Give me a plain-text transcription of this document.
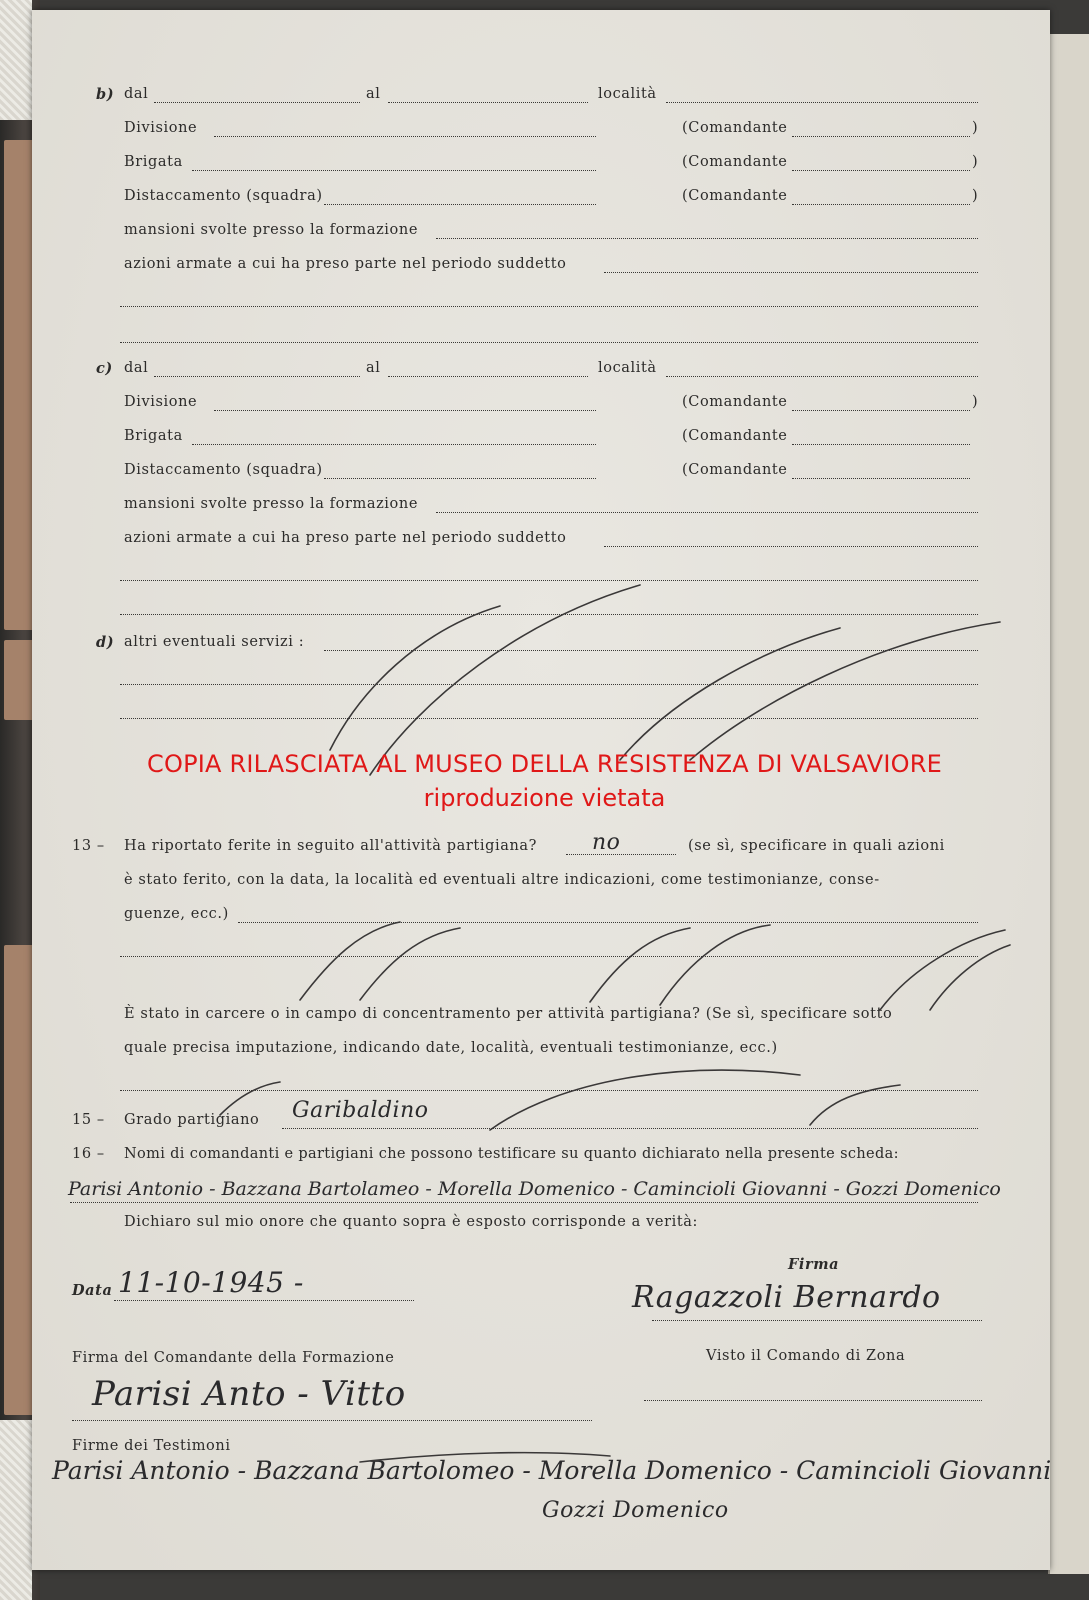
b) dal	al	località
Divisione	(Comandante	)
Brigata	(Comandante	)
Distaccamento (squadra)	(Comandante	)
mansioni svolte presso la formazione
azioni armate a cui ha preso parte nel periodo suddetto
c) dal	al	località
Divisione	(Comandante	)
Brigata	(Comandante
Distaccamento (squadra)	(Comandante
mansioni svolte presso la formazione
azioni armate a cui ha preso parte nel periodo suddetto
d) altri eventuali servizi :
13 – Ha riportato ferite in seguito all'attività partigiana? no	(se sì, specificare in quali azioni
è stato ferito, con la data, la località ed eventuali altre indicazioni, come testimonianze, conse-
guenze, ecc.)
È stato in carcere o in campo di concentramento per attività partigiana? (Se sì, specificare sotto
quale precisa imputazione, indicando date, località, eventuali testimonianze, ecc.)
15 – Grado partigiano Garibaldino
16 – Nomi di comandanti e partigiani che possono testificare su quanto dichiarato nella presente scheda:
Parisi Antonio - Bazzana Bartolameo - Morella Domenico - Camincioli Giovanni - Gozzi Domenico
Dichiaro sul mio onore che quanto sopra è esposto corrisponde a verità:
Firma
Ragazzoli Bernardo
Data 11-10-1945 -
Firma del Comandante della Formazione	Visto il Comando di Zona
Parisi Anto - Vitto
Firme dei Testimoni
Parisi Antonio - Bazzana Bartolomeo - Morella Domenico - Camincioli Giovanni
Gozzi Domenico
COPIA RILASCIATA AL MUSEO DELLA RESISTENZA DI VALSAVIORE
riproduzione vietata
